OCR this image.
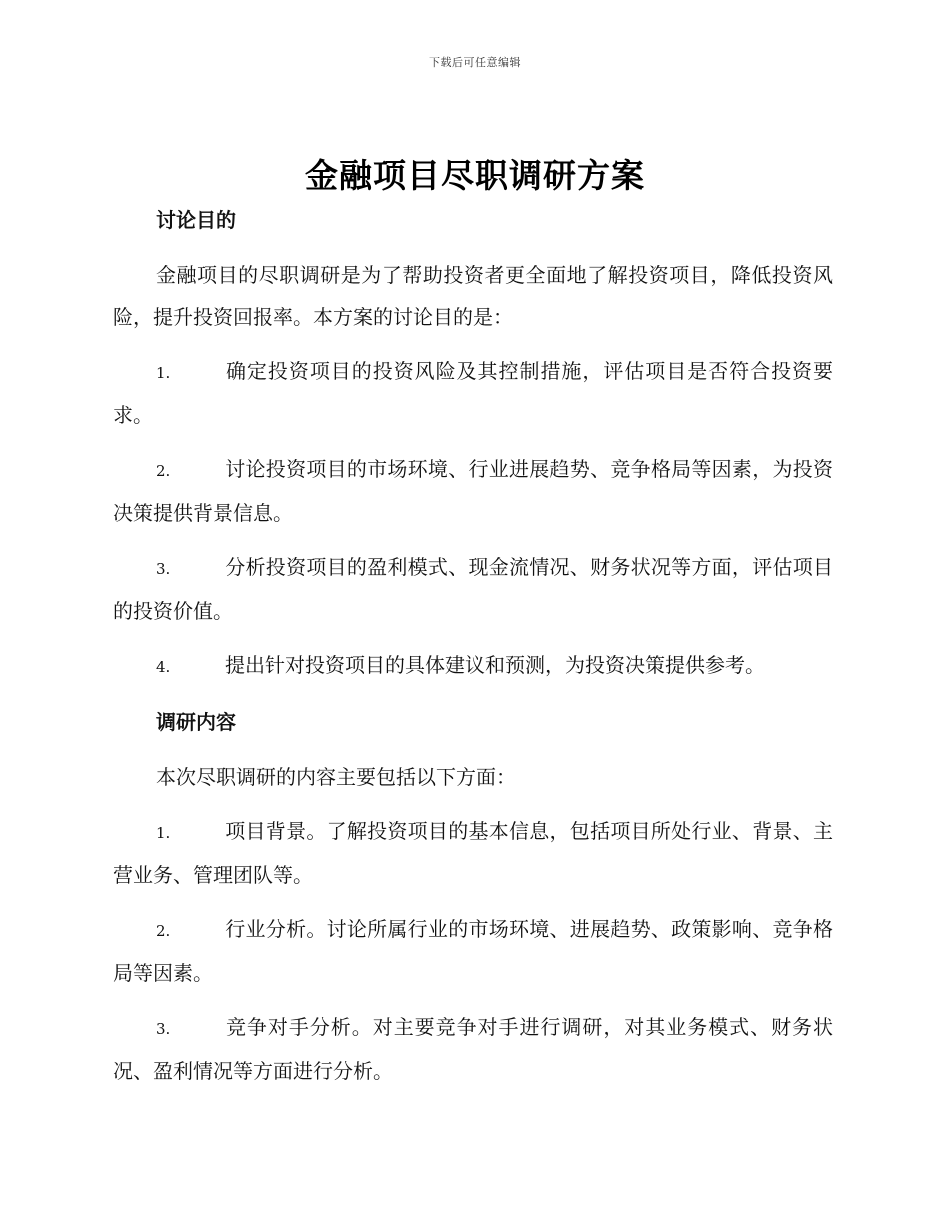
下载后可任意编辑
金融项目尽职调研方案

讨论目的

金融项目的尽职调研是为了帮助投资者更全面地了解投资项目，降低投资风险，提升投资回报率。本方案的讨论目的是：

1.	确定投资项目的投资风险及其控制措施，评估项目是否符合投资要求。

2.	讨论投资项目的市场环境、行业进展趋势、竞争格局等因素，为投资决策提供背景信息。

3.	分析投资项目的盈利模式、现金流情况、财务状况等方面，评估项目的投资价值。

4.	提出针对投资项目的具体建议和预测，为投资决策提供参考。

调研内容

本次尽职调研的内容主要包括以下方面：

1.	项目背景。了解投资项目的基本信息，包括项目所处行业、背景、主营业务、管理团队等。

2.	行业分析。讨论所属行业的市场环境、进展趋势、政策影响、竞争格局等因素。

3.	竞争对手分析。对主要竞争对手进行调研，对其业务模式、财务状况、盈利情况等方面进行分析。
